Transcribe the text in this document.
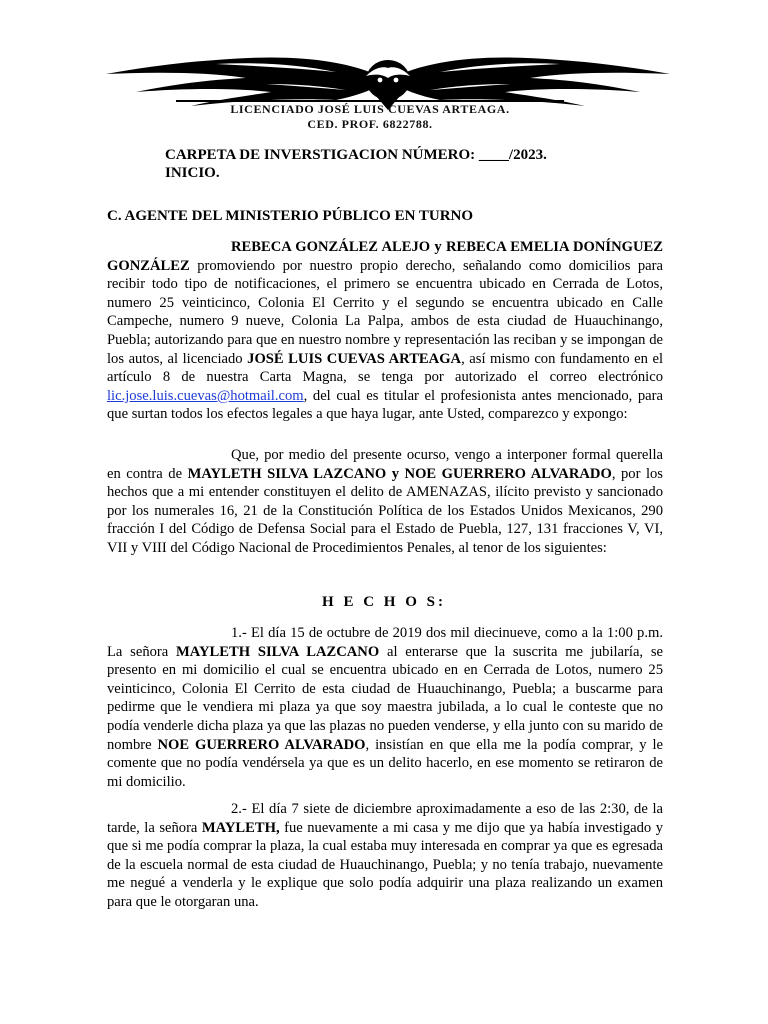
LICENCIADO JOSÉ LUIS CUEVAS ARTEAGA.
CED. PROF. 6822788.
CARPETA DE INVERSTIGACION NÚMERO: ____/2023.
INICIO.
C. AGENTE DEL MINISTERIO PÚBLICO EN TURNO
REBECA GONZÁLEZ ALEJO y REBECA EMELIA DONÍNGUEZ GONZÁLEZ promoviendo por nuestro propio derecho, señalando como domicilios para recibir todo tipo de notificaciones, el primero se encuentra ubicado en Cerrada de Lotos, numero 25 veinticinco, Colonia El Cerrito y el segundo se encuentra ubicado en Calle Campeche, numero 9 nueve, Colonia La Palpa, ambos de esta ciudad de Huauchinango, Puebla; autorizando para que en nuestro nombre y representación las reciban y se impongan de los autos, al licenciado JOSÉ LUIS CUEVAS ARTEAGA, así mismo con fundamento en el artículo 8 de nuestra Carta Magna, se tenga por autorizado el correo electrónico lic.jose.luis.cuevas@hotmail.com, del cual es titular el profesionista antes mencionado, para que surtan todos los efectos legales a que haya lugar, ante Usted, comparezco y expongo:
Que, por medio del presente ocurso, vengo a interponer formal querella en contra de MAYLETH SILVA LAZCANO y NOE GUERRERO ALVARADO, por los hechos que a mi entender constituyen el delito de AMENAZAS, ilícito previsto y sancionado por los numerales 16, 21 de la Constitución Política de los Estados Unidos Mexicanos, 290 fracción I del Código de Defensa Social para el Estado de Puebla, 127, 131 fracciones V, VI, VII y VIII del Código Nacional de Procedimientos Penales, al tenor de los siguientes:
H E C H O S:
1.- El día 15 de octubre de 2019 dos mil diecinueve, como a la 1:00 p.m. La señora MAYLETH SILVA LAZCANO al enterarse que la suscrita me jubilaría, se presento en mi domicilio el cual se encuentra ubicado en en Cerrada de Lotos, numero 25 veinticinco, Colonia El Cerrito de esta ciudad de Huauchinango, Puebla; a buscarme para pedirme que le vendiera mi plaza ya que soy maestra jubilada, a lo cual le conteste que no podía venderle dicha plaza ya que las plazas no pueden venderse, y ella junto con su marido de nombre NOE GUERRERO ALVARADO, insistían en que ella me la podía comprar, y le comente que no podía vendérsela ya que es un delito hacerlo, en ese momento se retiraron de mi domicilio.
2.- El día 7 siete de diciembre aproximadamente a eso de las 2:30, de la tarde, la señora MAYLETH, fue nuevamente a mi casa y me dijo que ya había investigado y que si me podía comprar la plaza, la cual estaba muy interesada en comprar ya que es egresada de la escuela normal de esta ciudad de Huauchinango, Puebla; y no tenía trabajo, nuevamente me negué a venderla y le explique que solo podía adquirir una plaza realizando un examen para que le otorgaran una.
